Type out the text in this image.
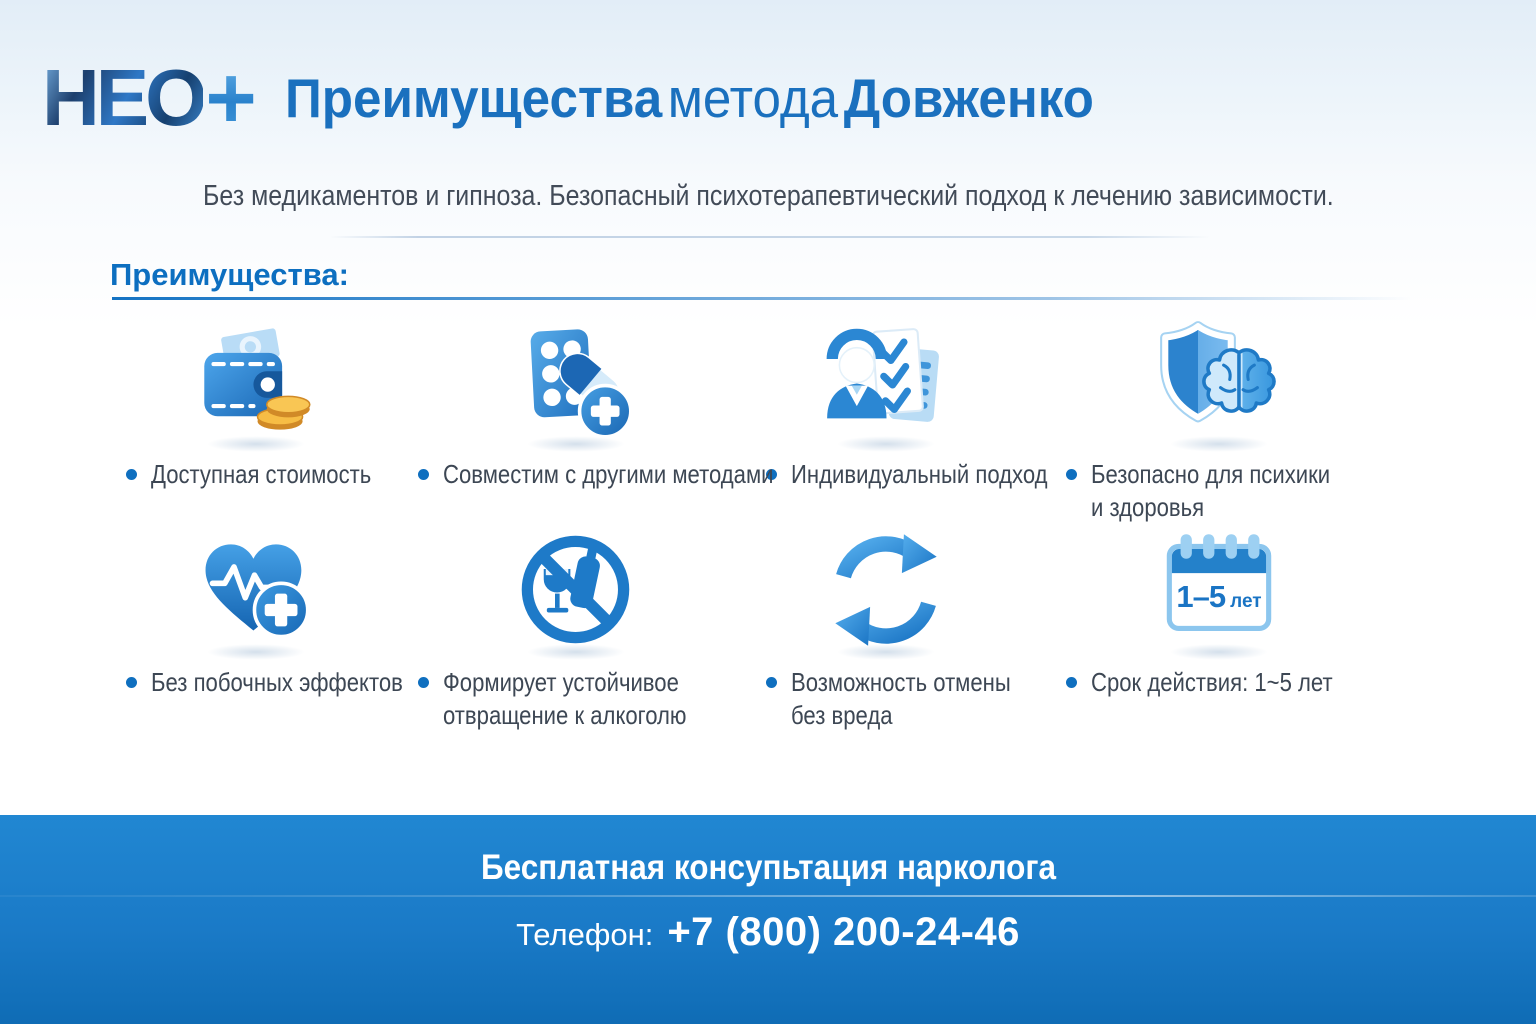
НЕО + Преимущества метода Довженко
Без медикаментов и гипноза. Безопасный психотерапевтический подход к лечению зависимости.
Преимущества:
Доступная стоимость	Совместим с другими методами Индивидуальный подход Безопасно для психики
и здоровья
Без побочных эффектов Формирует устойчивое
отвращение к алкоголю
Возможность отмены
без вреда
1–5 лет
Срок действия: 1~5 лет
Бесплатная консупьтация нарколога
Телефон: +7 (800) 200-24-46
